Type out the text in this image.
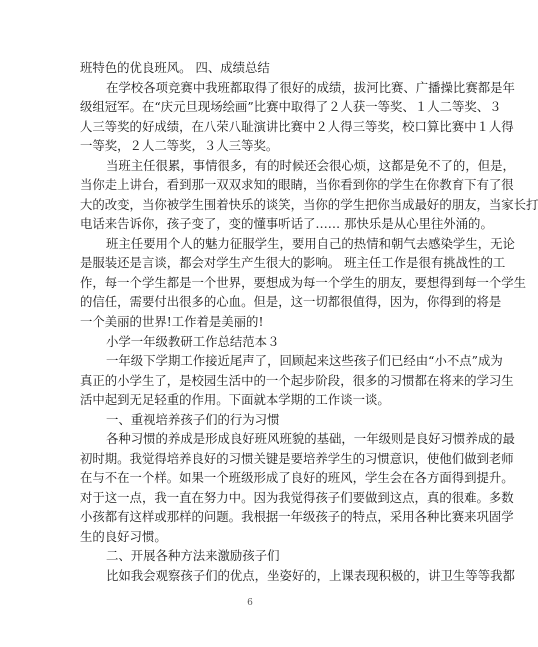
班特色的优良班风。 四、成绩总结
在学校各项竞赛中我班都取得了很好的成绩，拔河比赛、广播操比赛都是年
级组冠军。在“庆元旦现场绘画”比赛中取得了２人获一等奖、１人二等奖、３
人三等奖的好成绩，在八荣八耻演讲比赛中２人得三等奖，校口算比赛中１人得
一等奖，２人二等奖，３人三等奖。
当班主任很累，事情很多，有的时候还会很心烦，这都是免不了的，但是，
当你走上讲台，看到那一双双求知的眼睛，当你看到你的学生在你教育下有了很
大的改变，当你被学生围着快乐的谈笑，当你的学生把你当成最好的朋友，当家长打
电话来告诉你，孩子变了，变的懂事听话了…… 那快乐是从心里往外涌的。
班主任要用个人的魅力征服学生，要用自己的热情和朝气去感染学生，无论
是服装还是言谈，都会对学生产生很大的影响。 班主任工作是很有挑战性的工
作，每一个学生都是一个世界，要想成为每一个学生的朋友，要想得到每一个学生
的信任，需要付出很多的心血。但是，这一切都很值得，因为，你得到的将是
一个美丽的世界!工作着是美丽的!
小学一年级教研工作总结范本３
一年级下学期工作接近尾声了，回顾起来这些孩子们已经由“小不点”成为
真正的小学生了，是校园生活中的一个起步阶段，很多的习惯都在将来的学习生
活中起到无足轻重的作用。下面就本学期的工作谈一谈。
一、重视培养孩子们的行为习惯
各种习惯的养成是形成良好班风班貌的基础，一年级则是良好习惯养成的最
初时期。我觉得培养良好的习惯关键是要培养学生的习惯意识，使他们做到老师
在与不在一个样。如果一个班级形成了良好的班风，学生会在各方面得到提升。
对于这一点，我一直在努力中。因为我觉得孩子们要做到这点，真的很难。多数
小孩都有这样或那样的问题。我根据一年级孩子的特点，采用各种比赛来巩固学
生的良好习惯。
二、开展各种方法来激励孩子们
比如我会观察孩子们的优点，坐姿好的，上课表现积极的，讲卫生等等我都
6
